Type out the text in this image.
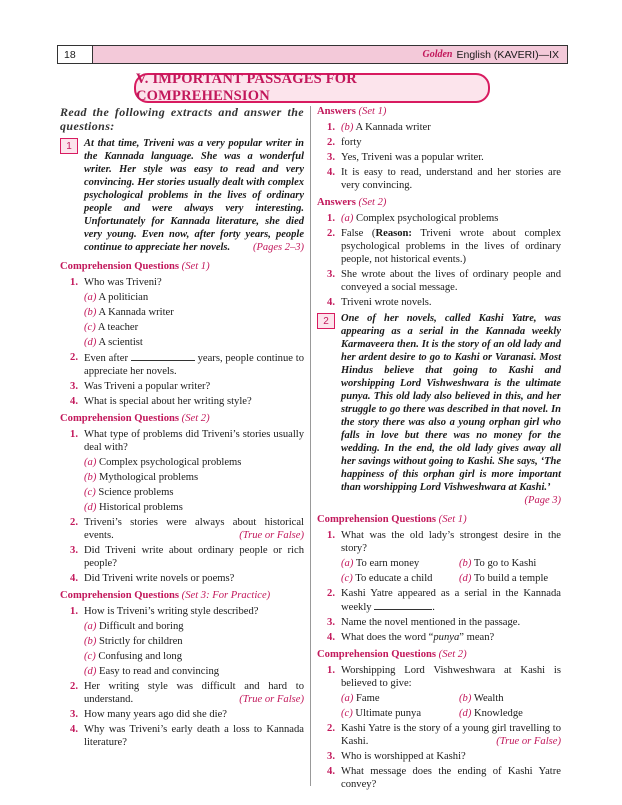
18	Golden English (KAVERI)—IX
V. IMPORTANT PASSAGES FOR COMPREHENSION
Read the following extracts and answer the questions:
1	At that time, Triveni was a very popular writer in the Kannada language. She was a wonderful writer. Her style was easy to read and very convincing. Her stories usually dealt with complex psychological problems in the lives of ordinary people and were always very interesting. Unfortunately for Kannada literature, she died very young. Even now, after forty years, people continue to appreciate her novels.	(Pages 2–3)
Comprehension Questions (Set 1)
1. Who was Triveni?
(a) A politician
(b) A Kannada writer
(c) A teacher
(d) A scientist
2. Even after	years, people continue to appreciate her novels.
3. Was Triveni a popular writer?
4. What is special about her writing style?
Comprehension Questions (Set 2)
1. What type of problems did Triveni’s stories usually deal with?
(a) Complex psychological problems
(b) Mythological problems
(c) Science problems
(d) Historical problems
2. Triveni’s stories were always about historical events.	(True or False)
3. Did Triveni write about ordinary people or rich people?
4. Did Triveni write novels or poems?
Comprehension Questions (Set 3: For Practice)
1. How is Triveni’s writing style described?
(a) Difficult and boring
(b) Strictly for children
(c) Confusing and long
(d) Easy to read and convincing
2. Her writing style was difficult and hard to understand.	(True or False)
3. How many years ago did she die?
4. Why was Triveni’s early death a loss to Kannada literature?
Answers (Set 1)
1. (b) A Kannada writer
2. forty
3. Yes, Triveni was a popular writer.
4. It is easy to read, understand and her stories are very convincing.
Answers (Set 2)
1. (a) Complex psychological problems
2. False (Reason: Triveni wrote about complex psychological problems in the lives of ordinary people, not historical events.)
3. She wrote about the lives of ordinary people and conveyed a social message.
4. Triveni wrote novels.
2	One of her novels, called Kashi Yatre, was appearing as a serial in the Kannada weekly Karmaveera then. It is the story of an old lady and her ardent desire to go to Kashi or Varanasi. Most Hindus believe that going to Kashi and worshipping Lord Vishweshwara is the ultimate punya. This old lady also believed in this, and her struggle to go there was described in that novel. In the story there was also a young orphan girl who falls in love but there was no money for the wedding. In the end, the old lady gives away all her savings without going to Kashi. She says, ‘The happiness of this orphan girl is more important than worshipping Lord Vishweshwara at Kashi.’
(Page 3)
Comprehension Questions (Set 1)
1. What was the old lady’s strongest desire in the story?
(a) To earn money	(b) To go to Kashi
(c) To educate a child	(d) To build a temple
2. Kashi Yatre appeared as a serial in the Kannada weekly	.
3. Name the novel mentioned in the passage.
4. What does the word “punya” mean?
Comprehension Questions (Set 2)
1. Worshipping Lord Vishweshwara at Kashi is believed to give:
(a) Fame	(b) Wealth
(c) Ultimate punya	(d) Knowledge
2. Kashi Yatre is the story of a young girl travelling to Kashi.	(True or False)
3. Who is worshipped at Kashi?
4. What message does the ending of Kashi Yatre convey?
